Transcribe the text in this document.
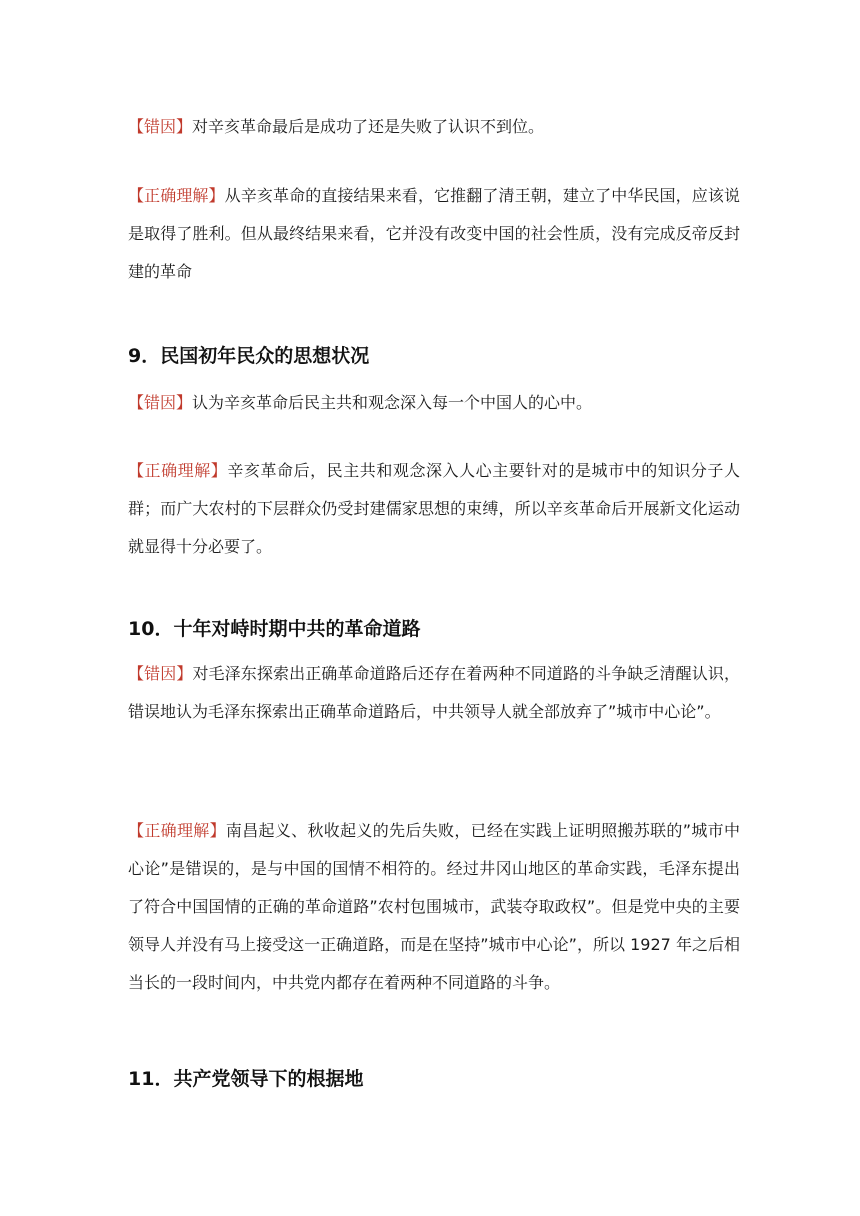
【错因】对辛亥革命最后是成功了还是失败了认识不到位。

【正确理解】从辛亥革命的直接结果来看，它推翻了清王朝，建立了中华民国，应该说是取得了胜利。但从最终结果来看，它并没有改变中国的社会性质，没有完成反帝反封建的革命

9．民国初年民众的思想状况

【错因】认为辛亥革命后民主共和观念深入每一个中国人的心中。

【正确理解】辛亥革命后，民主共和观念深入人心主要针对的是城市中的知识分子人群；而广大农村的下层群众仍受封建儒家思想的束缚，所以辛亥革命后开展新文化运动就显得十分必要了。

10．十年对峙时期中共的革命道路

【错因】对毛泽东探索出正确革命道路后还存在着两种不同道路的斗争缺乏清醒认识，错误地认为毛泽东探索出正确革命道路后，中共领导人就全部放弃了”城市中心论”。

【正确理解】南昌起义、秋收起义的先后失败，已经在实践上证明照搬苏联的”城市中心论”是错误的，是与中国的国情不相符的。经过井冈山地区的革命实践，毛泽东提出了符合中国国情的正确的革命道路”农村包围城市，武装夺取政权”。但是党中央的主要领导人并没有马上接受这一正确道路，而是在坚持”城市中心论”，所以 1927 年之后相当长的一段时间内，中共党内都存在着两种不同道路的斗争。

11．共产党领导下的根据地
